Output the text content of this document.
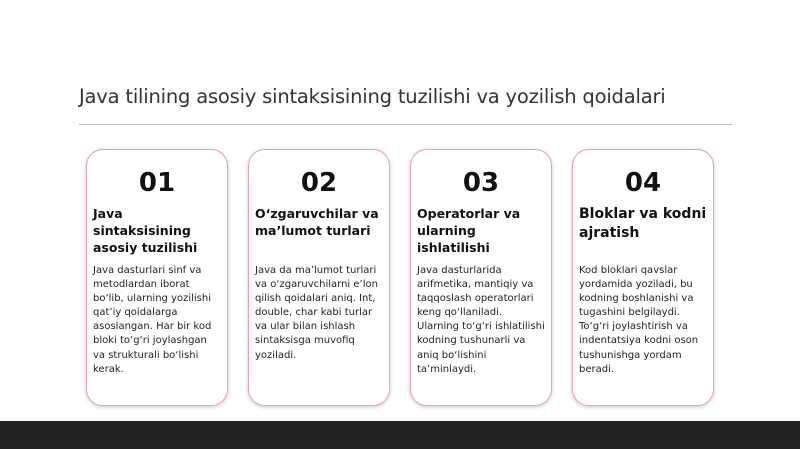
Java tilining asosiy sintaksisining tuzilishi va yozilish qoidalari
01
Java sintaksisining asosiy tuzilishi

Java dasturlari sinf va metodlardan iborat bo‘lib, ularning yozilishi qat’iy qoidalarga asoslangan. Har bir kod bloki to‘g‘ri joylashgan va strukturali bo‘lishi kerak.

02
O‘zgaruvchilar va ma’lumot turlari

Java da ma’lumot turlari va o‘zgaruvchilarni e’lon qilish qoidalari aniq. Int, double, char kabi turlar va ular bilan ishlash sintaksisga muvofiq yoziladi.

03
Operatorlar va ularning ishlatilishi

Java dasturlarida arifmetika, mantiqiy va taqqoslash operatorlari keng qo‘llaniladi. Ularning to‘g‘ri ishlatilishi kodning tushunarli va aniq bo‘lishini ta’minlaydi.

04
Bloklar va kodni ajratish

Kod bloklari qavslar yordamida yoziladi, bu kodning boshlanishi va tugashini belgilaydi. To‘g‘ri joylashtirish va indentatsiya kodni oson tushunishga yordam beradi.
